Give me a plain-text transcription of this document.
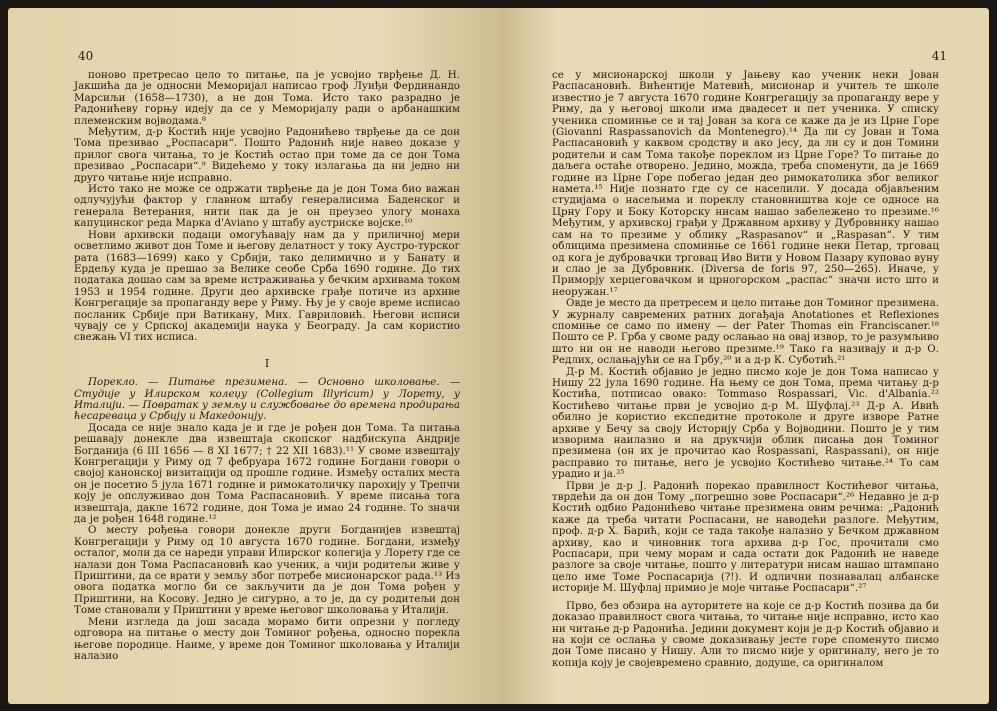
40

поново претресао цело то питање, па је усвојио тврђење Д. Н. Јакшића да је односни Меморијал написао гроф Луиђи Фердинандо Марсиљи (1658—1730), а не дон Тома. Исто тако разрадно је Радонићеву горњу идеју да се у Меморијалу ради о арбанашким племенским војводама.⁸

Међутим, д-р Костић није усвојио Радонићево тврђење да се дон Тома презивао „Роспасари“. Пошто Радонић није навео доказе у прилог свога читања, то је Костић остао при томе да се дон Тома презивао „Роспасари“.⁹ Видећемо у току излагања да ни једно ни друго читање није исправно.

Исто тако не може се одржати тврђење да је дон Тома био важан одлучујући фактор у главном штабу генералисима Баденског и генерала Ветерания, нити пак да је он преузео улогу монаха капуцинског реда Марка d'Aviano у штабу аустриске војске.¹⁰

Нови архивски подаци омогућавају нам да у приличној мери осветлимо живот дон Томе и његову делатност у току Аустро-турског рата (1683—1699) како у Србији, тако делимично и у Банату и Ердељу куда је прешао за Велике сеобе Срба 1690 године. До тих података дошао сам за време истраживања у бечким архивама током 1953 и 1954 године. Други део архивске грађе потиче из архиве Конгрегације за пропаганду вере у Риму. Њу је у своје време исписао посланик Србије при Ватикану, Мих. Гавриловић. Његови исписи чувају се у Српској академији наука у Београду. Ја сам користио свежањ VI тих исписа.

I

Порекло. — Питање презимена. — Основно школовање. — Студије у Илирском колеџу (Collegium Illyricum) у Лорету, у Италији. — Повратак у земљу и службовање до времена продирања ћесареваца у Србију и Македонију.

Досада се није знало када је и где је рођен дон Тома. Та питања решавају донекле два извештаја скопског надбискупа Андрије Богданија (6 III 1656 — 8 XI 1677; † 22 XII 1683).¹¹ У своме извештају Конгрегацији у Риму од 7 фебруара 1672 године Богдани говори о својој канонској визитацији од прошле године. Између осталих места он је посетио 5 јула 1671 године и римокатоличку парохију у Трепчи коју је опслуживао дон Тома Распасановић. У време писања тога извештаја, дакле 1672 године, дон Тома је имао 24 године. То значи да је рођен 1648 године.¹²

О месту рођења говори донекле други Богданијев извештај Конгрегацији у Риму од 10 августа 1670 године. Богдани, између осталог, моли да се нареди управи Илирског колегија у Лорету где се налази дон Тома Распасановић као ученик, а чији родитељи живе у Приштини, да се врати у земљу због потребе мисионарског рада.¹³ Из овога податка могло би се закључити да је дон Тома рођен у Приштини, на Косову. Једно је сигурно, а то је, да су родитељи дон Томе становали у Приштини у време његовог школовања у Италији.

Мени изгледа да још засада морамо бити опрезни у погледу одговора на питање о месту дон Томиног рођења, односно порекла његове породице. Наиме, у време дон Томиног школовања у Италији налазио

41

се у мисионарској школи у Јањеву као ученик неки Јован Распасановић. Вићентије Матевић, мисионар и учитељ те школе известио је 7 августа 1670 године Конгрегацију за пропаганду вере у Риму, да у његовој школи има двадесет и пет ученика. У списку ученика споминње се и тај Јован за кога се каже да је из Црне Горе (Giovanni Raspassanovich da Montenegro).¹⁴ Да ли су Јован и Тома Распасановић у каквом сродству и ако јесу, да ли су и дон Томини родитељи и сам Тома такође пореклом из Црне Горе? То питање до даљега остаће отворено. Једино, можда, треба споменути, да је 1669 године из Црне Горе побегао један део римокатолика због великог намета.¹⁵ Није познато где су се населили. У досада објављеним студијама о насељима и пореклу становништва које се односе на Црну Гору и Боку Которску нисам нашао забележено то презиме.¹⁶ Међутим, у архивској грађи у Државном архиву у Дубровнику нашао сам на то презиме у облику „Raspasanov“ и „Raspasan“. У тим облицима презимена споминње се 1661 године неки Петар, трговац од кога је дубровачки трговац Иво Вити у Новом Пазару куповао вуну и слао је за Дубровник. (Diversa de foris 97, 250—265). Иначе, у Приморју херцеговачком и црногорском „распас“ значи исто што и неоружан.¹⁷

Овде је место да претресем и цело питање дон Томиног презимена. У журналу савремених ратних догађаја Anotationes et Reflexiones спомиње се само по имену — der Pater Thomas ein Franciscaner.¹⁸ Пошто се Р. Грба у своме раду ослањао на овај извор, то је разумљиво што ни он не наводи његово презиме.¹⁹ Тако га називају и д-р О. Редлих, ослањајући се на Грбу,²⁰ и а д-р К. Суботић.²¹

Д-р М. Костић објавио је једно писмо које је дон Тома написао у Нишу 22 јула 1690 године. На њему се дон Тома, према читању д-р Костића, потписао овако: Tommaso Rospassari, Vic. d'Albania.²² Костићево читање први је усвојио д-р М. Шуфлај.²³ Д-р А. Ивић обилно је користио експедитне протоколе и друге изворе Ратне архиве у Бечу за своју Историју Срба у Војводини. Пошто је у тим изворима наилазио и на друкчији облик писања дон Томиног презимена (он их је прочитао као Rospassani, Raspassani), он није расправио то питање, него је усвојио Костићево читање.²⁴ То сам урадио и ја.²⁵

Први је д-р Ј. Радонић порекао правилност Костићевог читања, тврдећи да он дон Тому „погрешно зове Роспасари“.²⁶ Недавно је д-р Костић одбио Радонићево читање презимена овим речима: „Радонић каже да треба читати Роспасани, не наводећи разлоге. Међутим, проф. д-р Х. Барић, који се тада такође налазио у Бечком државном архиву, као и чиновник тога архива д-р Гос, прочитали смо Роспасари, при чему морам и сада остати док Радонић не наведе разлоге за своје читање, пошто у литератури нисам нашао штампано цело име Томе Роспасарија (?!). И одлични познавалац албанске историје М. Шуфлај примио је моје читање Роспасари“.²⁷

Прво, без обзира на ауторитете на које се д-р Костић позива да би доказао правилност свога читања, то читање није исправно, исто као ни читање д-р Радонића. Једини документ који је д-р Костић објавио и на који се ослања у своме доказивању јесте горе споменуто писмо дон Томе писано у Нишу. Али то писмо није у оригиналу, него је то копија коју је својевремено сравнио, додуше, са оригиналом
